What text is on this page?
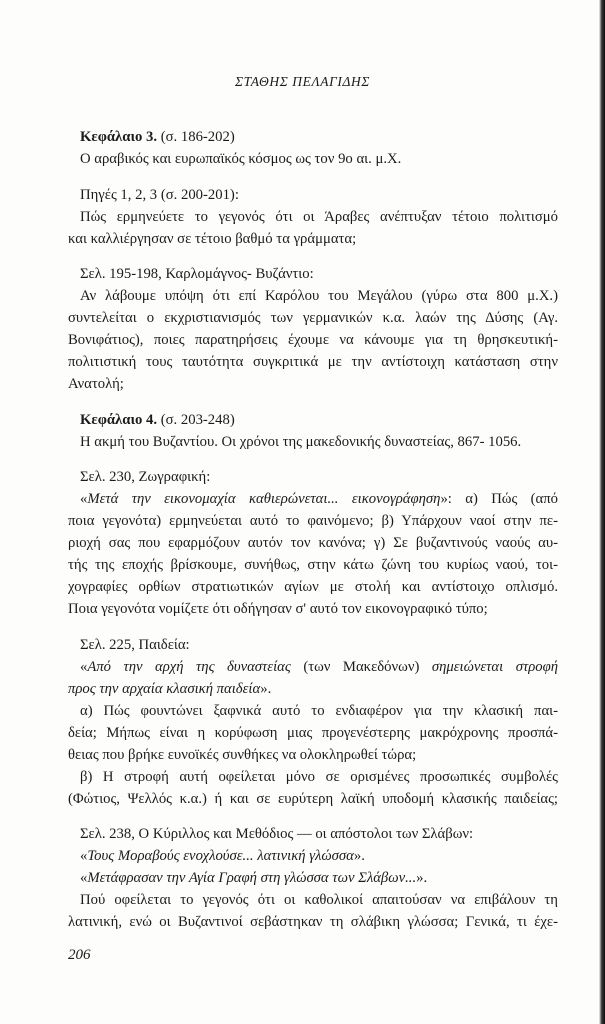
ΣΤΑΘΗΣ ΠΕΛΑΓΙΔΗΣ
Κεφάλαιο 3. (σ. 186-202)
Ο αραβικός και ευρωπαϊκός κόσμος ως τον 9ο αι. μ.Χ.
Πηγές 1, 2, 3 (σ. 200-201):
Πώς ερμηνεύετε το γεγονός ότι οι Άραβες ανέπτυξαν τέτοιο πολιτισμό
και καλλιέργησαν σε τέτοιο βαθμό τα γράμματα;
Σελ. 195-198, Καρλομάγνος- Βυζάντιο:
Αν λάβουμε υπόψη ότι επί Καρόλου του Μεγάλου (γύρω στα 800 μ.Χ.)
συντελείται ο εκχριστιανισμός των γερμανικών κ.α. λαών της Δύσης (Αγ.
Βονιφάτιος), ποιες παρατηρήσεις έχουμε να κάνουμε για τη θρησκευτική-
πολιτιστική τους ταυτότητα συγκριτικά με την αντίστοιχη κατάσταση στην
Ανατολή;
Κεφάλαιο 4. (σ. 203-248)
Η ακμή του Βυζαντίου. Οι χρόνοι της μακεδονικής δυναστείας, 867- 1056.
Σελ. 230, Ζωγραφική:
«Μετά την εικονομαχία καθιερώνεται... εικονογράφηση»: α) Πώς (από
ποια γεγονότα) ερμηνεύεται αυτό το φαινόμενο; β) Υπάρχουν ναοί στην πε-
ριοχή σας που εφαρμόζουν αυτόν τον κανόνα; γ) Σε βυζαντινούς ναούς αυ-
τής της εποχής βρίσκουμε, συνήθως, στην κάτω ζώνη του κυρίως ναού, τοι-
χογραφίες ορθίων στρατιωτικών αγίων με στολή και αντίστοιχο οπλισμό.
Ποια γεγονότα νομίζετε ότι οδήγησαν σ' αυτό τον εικονογραφικό τύπο;
Σελ. 225, Παιδεία:
«Από την αρχή της δυναστείας (των Μακεδόνων) σημειώνεται στροφή
προς την αρχαία κλασική παιδεία».
α) Πώς φουντώνει ξαφνικά αυτό το ενδιαφέρον για την κλασική παι-
δεία; Μήπως είναι η κορύφωση μιας προγενέστερης μακρόχρονης προσπά-
θειας που βρήκε ευνοϊκές συνθήκες να ολοκληρωθεί τώρα;
β) Η στροφή αυτή οφείλεται μόνο σε ορισμένες προσωπικές συμβολές
(Φώτιος, Ψελλός κ.α.) ή και σε ευρύτερη λαϊκή υποδομή κλασικής παιδείας;
Σελ. 238, Ο Κύριλλος και Μεθόδιος — οι απόστολοι των Σλάβων:
«Τους Μοραβούς ενοχλούσε... λατινική γλώσσα».
«Μετάφρασαν την Αγία Γραφή στη γλώσσα των Σλάβων...».
Πού οφείλεται το γεγονός ότι οι καθολικοί απαιτούσαν να επιβάλουν τη
λατινική, ενώ οι Βυζαντινοί σεβάστηκαν τη σλάβικη γλώσσα; Γενικά, τι έχε-
206
